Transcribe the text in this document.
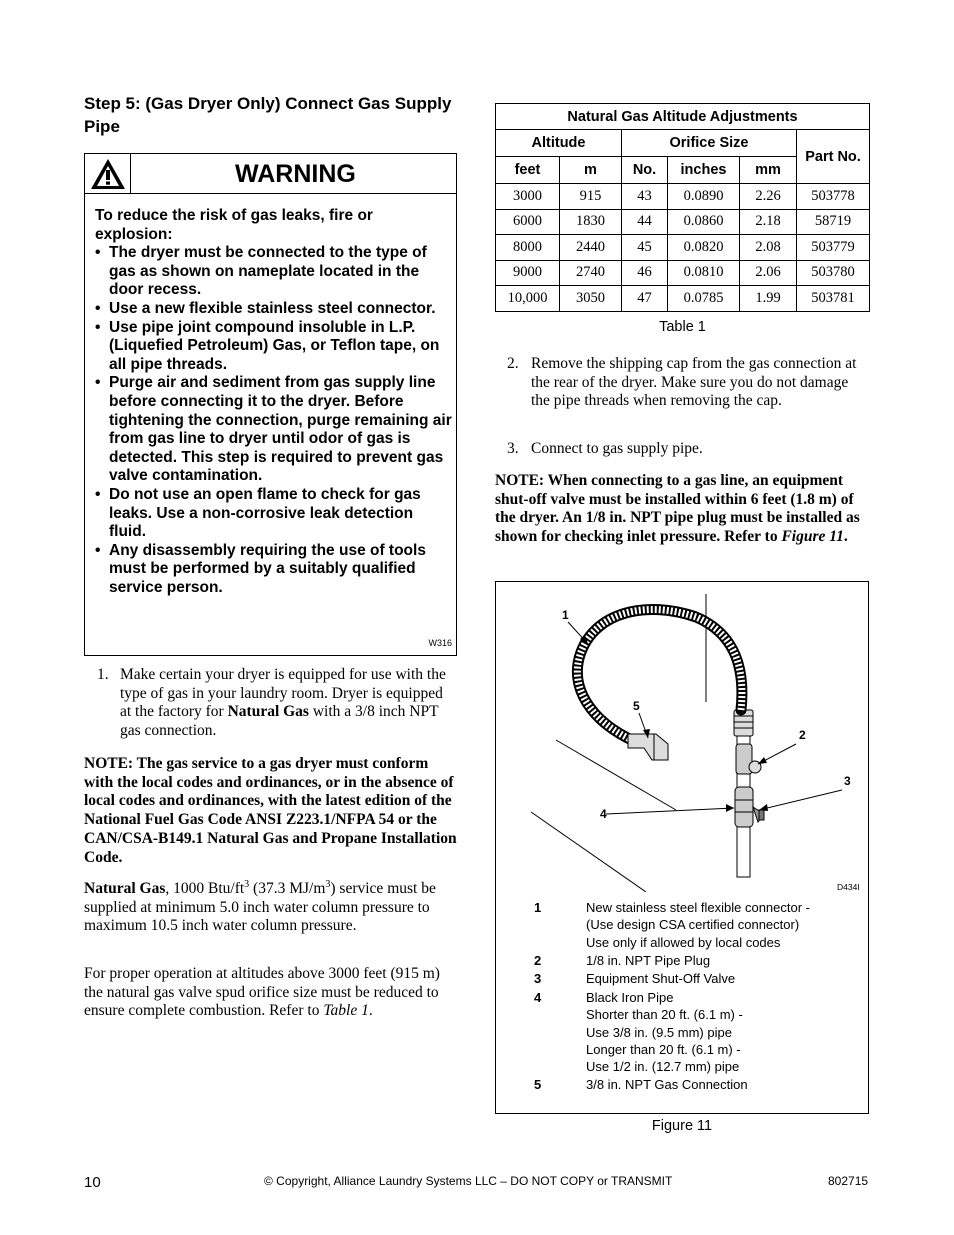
Step 5: (Gas Dryer Only) Connect Gas Supply Pipe
WARNING
To reduce the risk of gas leaks, fire or explosion:
• The dryer must be connected to the type of gas as shown on nameplate located in the door recess.
• Use a new flexible stainless steel connector.
• Use pipe joint compound insoluble in L.P. (Liquefied Petroleum) Gas, or Teflon tape, on all pipe threads.
• Purge air and sediment from gas supply line before connecting it to the dryer. Before tightening the connection, purge remaining air from gas line to dryer until odor of gas is detected. This step is required to prevent gas valve contamination.
• Do not use an open flame to check for gas leaks. Use a non-corrosive leak detection fluid.
• Any disassembly requiring the use of tools must be performed by a suitably qualified service person.
W316
1. Make certain your dryer is equipped for use with the type of gas in your laundry room. Dryer is equipped at the factory for Natural Gas with a 3/8 inch NPT gas connection.
NOTE: The gas service to a gas dryer must conform with the local codes and ordinances, or in the absence of local codes and ordinances, with the latest edition of the National Fuel Gas Code ANSI Z223.1/NFPA 54 or the CAN/CSA-B149.1 Natural Gas and Propane Installation Code.
Natural Gas, 1000 Btu/$ft^3$ (37.3 $MJ/m^3$) service must be supplied at minimum 5.0 inch water column pressure to maximum 10.5 inch water column pressure.
For proper operation at altitudes above 3000 feet (915 m) the natural gas valve spud orifice size must be reduced to ensure complete combustion. Refer to Table 1.
Natural Gas Altitude Adjustments					
Altitude		Orifice Size			Part No.
feet	m	No.	inches	mm	
3000	915	43	0.0890	2.26	503778
6000	1830	44	0.0860	2.18	58719
8000	2440	45	0.0820	2.08	503779
9000	2740	46	0.0810	2.06	503780
10,000	3050	47	0.0785	1.99	503781
Table 1
2. Remove the shipping cap from the gas connection at the rear of the dryer. Make sure you do not damage the pipe threads when removing the cap.
3. Connect to gas supply pipe.
NOTE: When connecting to a gas line, an equipment shut-off valve must be installed within 6 feet (1.8 m) of the dryer. An 1/8 in. NPT pipe plug must be installed as shown for checking inlet pressure. Refer to Figure 11.
1
5
2
3
4
D434I
1	New stainless steel flexible connector -
(Use design CSA certified connector)
Use only if allowed by local codes
2	1/8 in. NPT Pipe Plug
3	Equipment Shut-Off Valve
4	Black Iron Pipe
Shorter than 20 ft. (6.1 m) -
Use 3/8 in. (9.5 mm) pipe
Longer than 20 ft. (6.1 m) -
Use 1/2 in. (12.7 mm) pipe
5	3/8 in. NPT Gas Connection
Figure 11
10	© Copyright, Alliance Laundry Systems LLC – DO NOT COPY or TRANSMIT	802715
